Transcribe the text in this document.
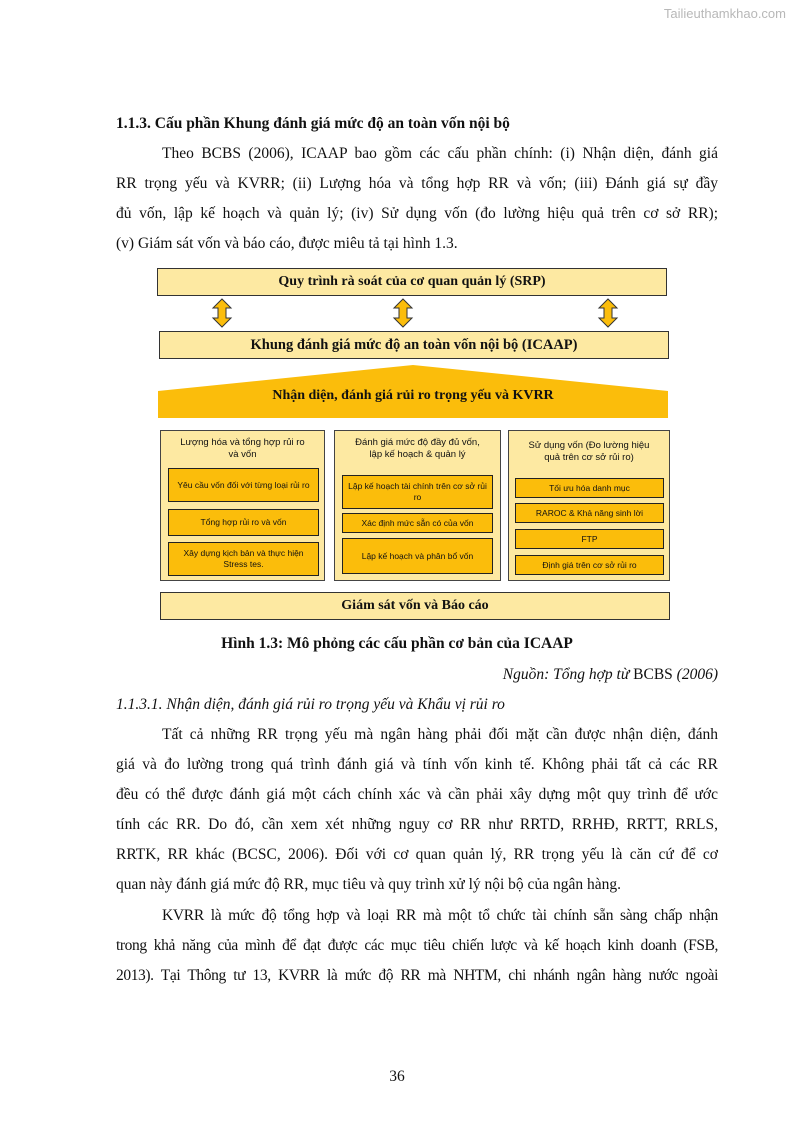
Tailieuthamkhao.com
1.1.3. Cấu phần Khung đánh giá mức độ an toàn vốn nội bộ
Theo BCBS (2006), ICAAP bao gồm các cấu phần chính: (i) Nhận diện, đánh giá
RR trọng yếu và KVRR; (ii) Lượng hóa và tổng hợp RR và vốn; (iii) Đánh giá sự đầy
đủ vốn, lập kế hoạch và quản lý; (iv) Sử dụng vốn (đo lường hiệu quả trên cơ sở RR);
(v) Giám sát vốn và báo cáo, được miêu tả tại hình 1.3.
Quy trình rà soát của cơ quan quản lý (SRP)
Khung đánh giá mức độ an toàn vốn nội bộ (ICAAP)
Nhận diện, đánh giá rủi ro trọng yếu và KVRR
Lượng hóa và tổng hợp rủi ro và vốn
Yêu cầu vốn đối với từng loại rủi ro
Tổng hợp rủi ro và vốn
Xây dựng kịch bản và thực hiện Stress tes.
Đánh giá mức độ đầy đủ vốn, lập kế hoạch & quản lý
Lập kế hoạch tài chính trên cơ sở rủi ro
Xác định mức sẵn có của vốn
Lập kế hoạch và phân bổ vốn
Sử dụng vốn (Đo lường hiệu quả trên cơ sở rủi ro)
Tối ưu hóa danh mục
RAROC & Khả năng sinh lời
FTP
Định giá trên cơ sở rủi ro
Giám sát vốn và Báo cáo
Hình 1.3: Mô phỏng các cấu phần cơ bản của ICAAP
Nguồn: Tổng hợp từ BCBS (2006)
1.1.3.1. Nhận diện, đánh giá rủi ro trọng yếu và Khẩu vị rủi ro
Tất cả những RR trọng yếu mà ngân hàng phải đối mặt cần được nhận diện, đánh
giá và đo lường trong quá trình đánh giá và tính vốn kinh tế. Không phải tất cả các RR
đều có thể được đánh giá một cách chính xác và cần phải xây dựng một quy trình để ước
tính các RR. Do đó, cần xem xét những nguy cơ RR như RRTD, RRHĐ, RRTT, RRLS,
RRTK, RR khác (BCSC, 2006). Đối với cơ quan quản lý, RR trọng yếu là căn cứ để cơ
quan này đánh giá mức độ RR, mục tiêu và quy trình xử lý nội bộ của ngân hàng.
KVRR là mức độ tổng hợp và loại RR mà một tổ chức tài chính sẵn sàng chấp nhận
trong khả năng của mình để đạt được các mục tiêu chiến lược và kế hoạch kinh doanh (FSB,
2013). Tại Thông tư 13, KVRR là mức độ RR mà NHTM, chi nhánh ngân hàng nước ngoài
36
